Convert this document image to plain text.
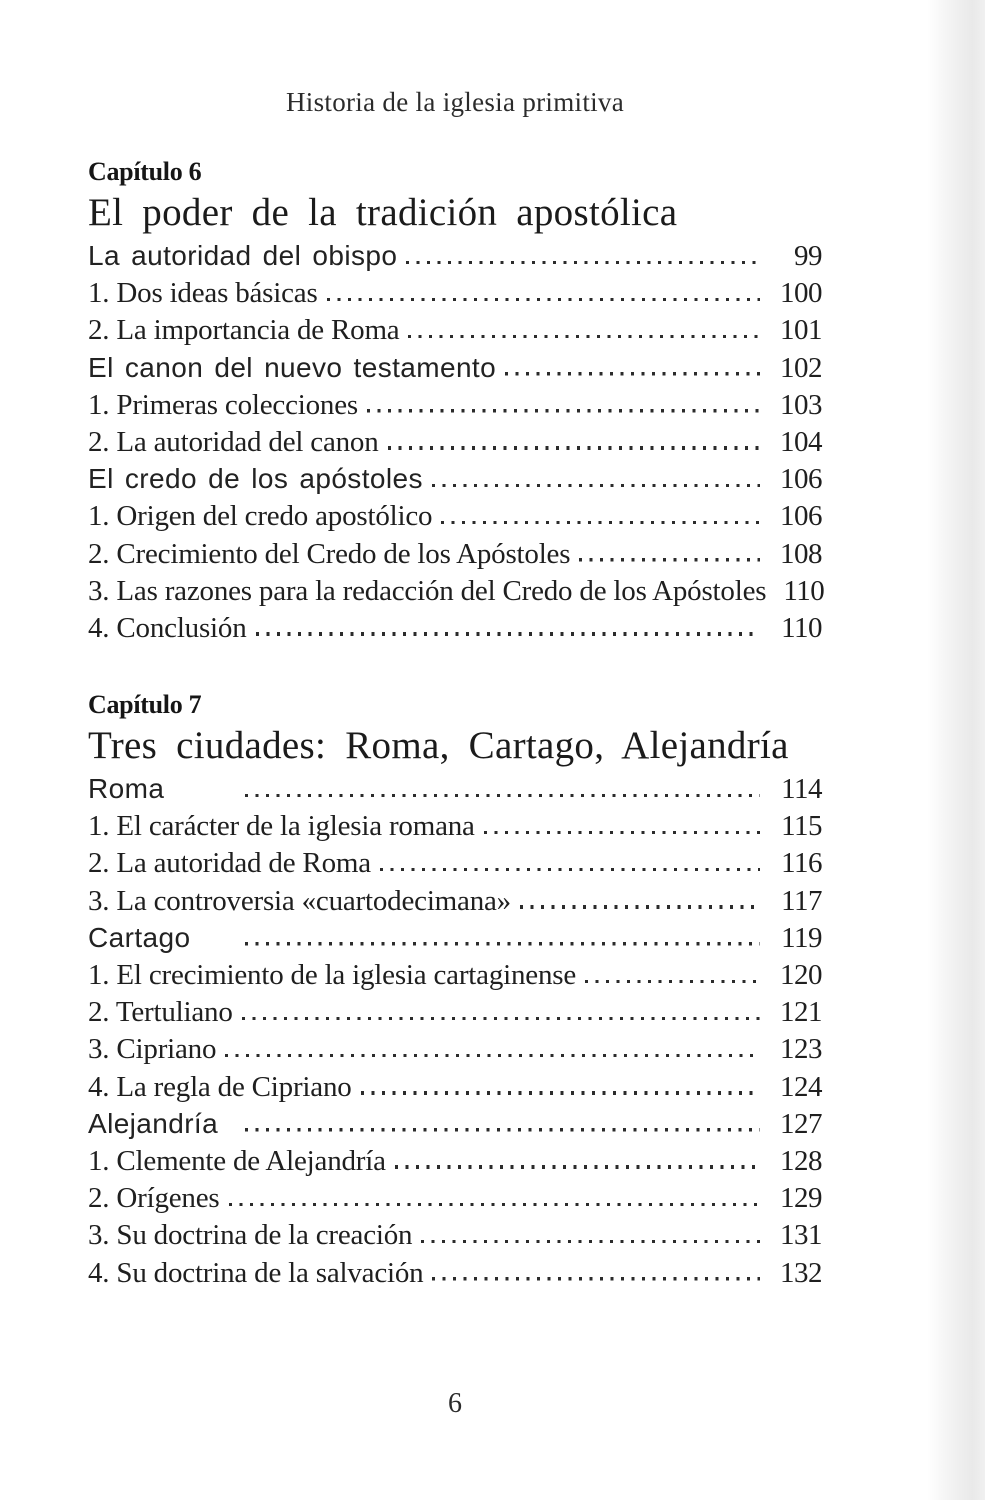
Historia de la iglesia primitiva
Capítulo 6
El poder de la tradición apostólica
La autoridad del obispo	99
1. Dos ideas básicas	100
2. La importancia de Roma	101
El canon del nuevo testamento	102
1. Primeras colecciones	103
2. La autoridad del canon	104
El credo de los apóstoles	106
1. Origen del credo apostólico	106
2. Crecimiento del Credo de los Apóstoles	108
3. Las razones para la redacción del Credo de los Apóstoles 110
4. Conclusión	110
Capítulo 7
Tres ciudades: Roma, Cartago, Alejandría
Roma	114
1. El carácter de la iglesia romana	115
2. La autoridad de Roma	116
3. La controversia «cuartodecimana»	117
Cartago	119
1. El crecimiento de la iglesia cartaginense	120
2. Tertuliano	121
3. Cipriano	123
4. La regla de Cipriano	124
Alejandría	127
1. Clemente de Alejandría	128
2. Orígenes	129
3. Su doctrina de la creación	131
4. Su doctrina de la salvación	132
6
